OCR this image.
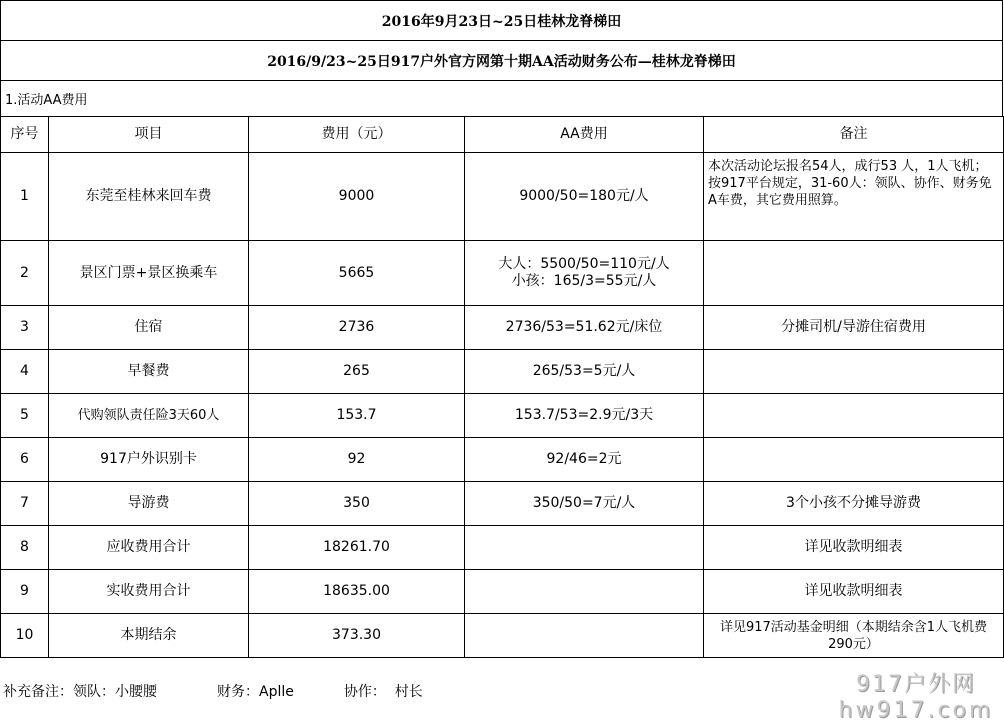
2016年9月23日~25日桂林龙脊梯田
2016/9/23~25日917户外官方网第十期AA活动财务公布—桂林龙脊梯田
1.活动AA费用
序号	项目	费用（元）	AA费用	备注
1	东莞至桂林来回车费	9000	9000/50=180元/人	本次活动论坛报名54人，成行53 人，1人飞机；按917平台规定，31-60人：领队、协作、财务免A车费，其它费用照算。
2	景区门票+景区换乘车	5665	大人：5500/50=110元/人
小孩：165/3=55元/人	

3	住宿	2736	2736/53=51.62元/床位	分摊司机/导游住宿费用
4	早餐费	265	265/53=5元/人	
5	代购领队责任险3天60人	153.7	153.7/53=2.9元/3天	
6	917户外识别卡	92	92/46=2元	
7	导游费	350	350/50=7元/人	3个小孩不分摊导游费
8	应收费用合计	18261.70		详见收款明细表
9	实收费用合计	18635.00		详见收款明细表
10	本期结余	373.30		详见917活动基金明细（本期结余含1人飞机费290元）
补充备注：领队：小腰腰	财务：Aplle	协作：  村长	917户外网
hw917.com
